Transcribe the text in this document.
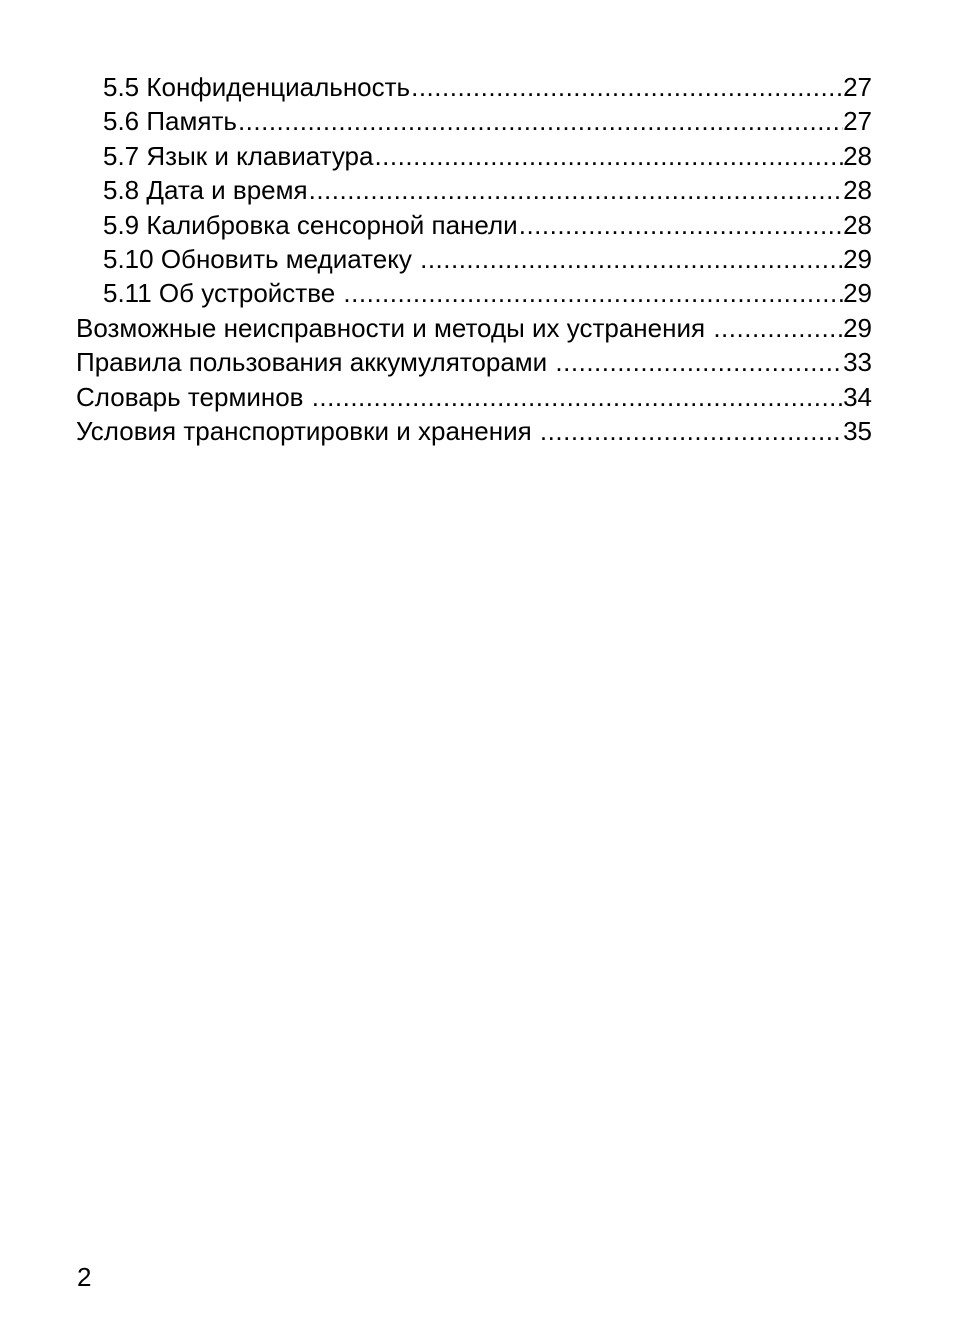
5.5 Конфиденциальность .....	27
5.6 Память .....	27
5.7 Язык и клавиатура .....	28
5.8 Дата и время .....	28
5.9 Калибровка сенсорной панели .....	28
5.10 Обновить медиатеку .....	29
5.11 Об устройстве .....	29
Возможные неисправности и методы их устранения .....	29
Правила пользования аккумуляторами .....	33
Словарь терминов .....	34
Условия транспортировки и хранения .....	35
2
